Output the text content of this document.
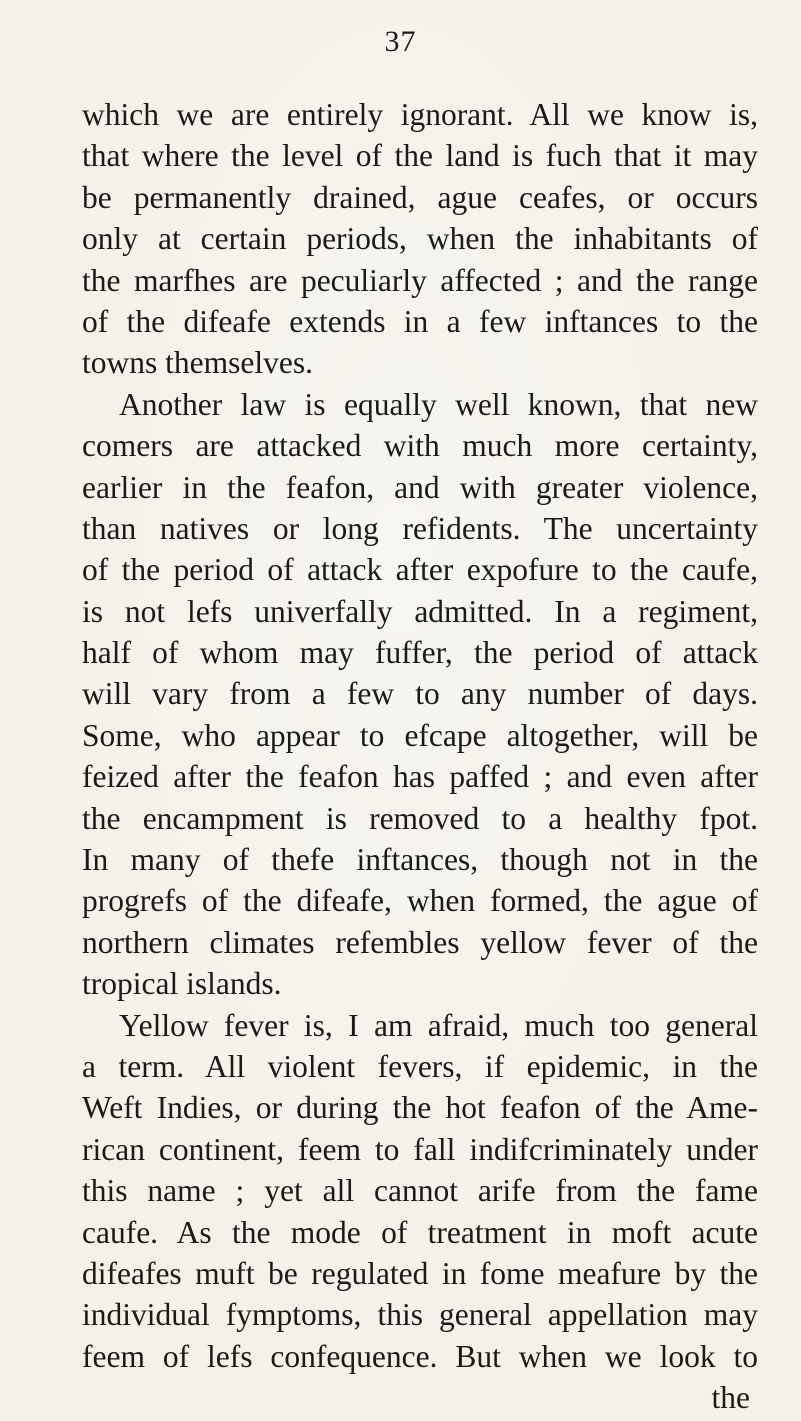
37
which we are entirely ignorant. All we know is,
that where the level of the land is fuch that it may
be permanently drained, ague ceafes, or occurs
only at certain periods, when the inhabitants of
the marfhes are peculiarly affected ; and the range
of the difeafe extends in a few inftances to the
towns themselves.
Another law is equally well known, that new
comers are attacked with much more certainty,
earlier in the feafon, and with greater violence,
than natives or long refidents. The uncertainty
of the period of attack after expofure to the caufe,
is not lefs univerfally admitted. In a regiment,
half of whom may fuffer, the period of attack
will vary from a few to any number of days.
Some, who appear to efcape altogether, will be
feized after the feafon has paffed ; and even after
the encampment is removed to a healthy fpot.
In many of thefe inftances, though not in the
progrefs of the difeafe, when formed, the ague of
northern climates refembles yellow fever of the
tropical islands.
Yellow fever is, I am afraid, much too general
a term. All violent fevers, if epidemic, in the
Weft Indies, or during the hot feafon of the Ame-
rican continent, feem to fall indifcriminately under
this name ; yet all cannot arife from the fame
caufe. As the mode of treatment in moft acute
difeafes muft be regulated in fome meafure by the
individual fymptoms, this general appellation may
feem of lefs confequence. But when we look to
the
